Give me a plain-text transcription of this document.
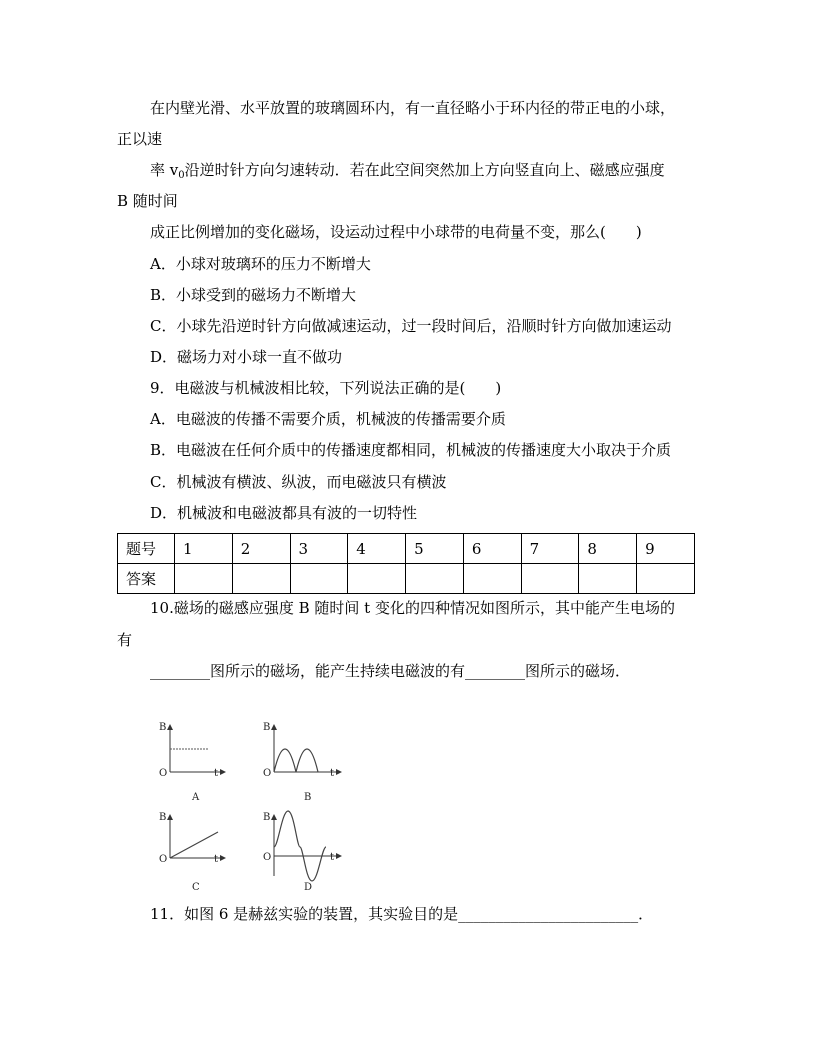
在内壁光滑、水平放置的玻璃圆环内，有一直径略小于环内径的带正电的小球，
正以速
率 $v_0$沿逆时针方向匀速转动．若在此空间突然加上方向竖直向上、磁感应强度
B 随时间
成正比例增加的变化磁场，设运动过程中小球带的电荷量不变，那么(　　)
A．小球对玻璃环的压力不断增大
B．小球受到的磁场力不断增大
C．小球先沿逆时针方向做减速运动，过一段时间后，沿顺时针方向做加速运动
D．磁场力对小球一直不做功
9．电磁波与机械波相比较，下列说法正确的是(　　)
A．电磁波的传播不需要介质，机械波的传播需要介质
B．电磁波在任何介质中的传播速度都相同，机械波的传播速度大小取决于介质
C．机械波有横波、纵波，而电磁波只有横波
D．机械波和电磁波都具有波的一切特性
题号	1	2	3	4	5	6	7	8	9
答案									
10.磁场的磁感应强度 B 随时间 t 变化的四种情况如图所示，其中能产生电场的
有
________图所示的磁场，能产生持续电磁波的有________图所示的磁场．
B
O	t
A
B
O	t
B
B
O	t
C
B
O	t
D
11．如图 6 是赫兹实验的装置，其实验目的是________________________．
